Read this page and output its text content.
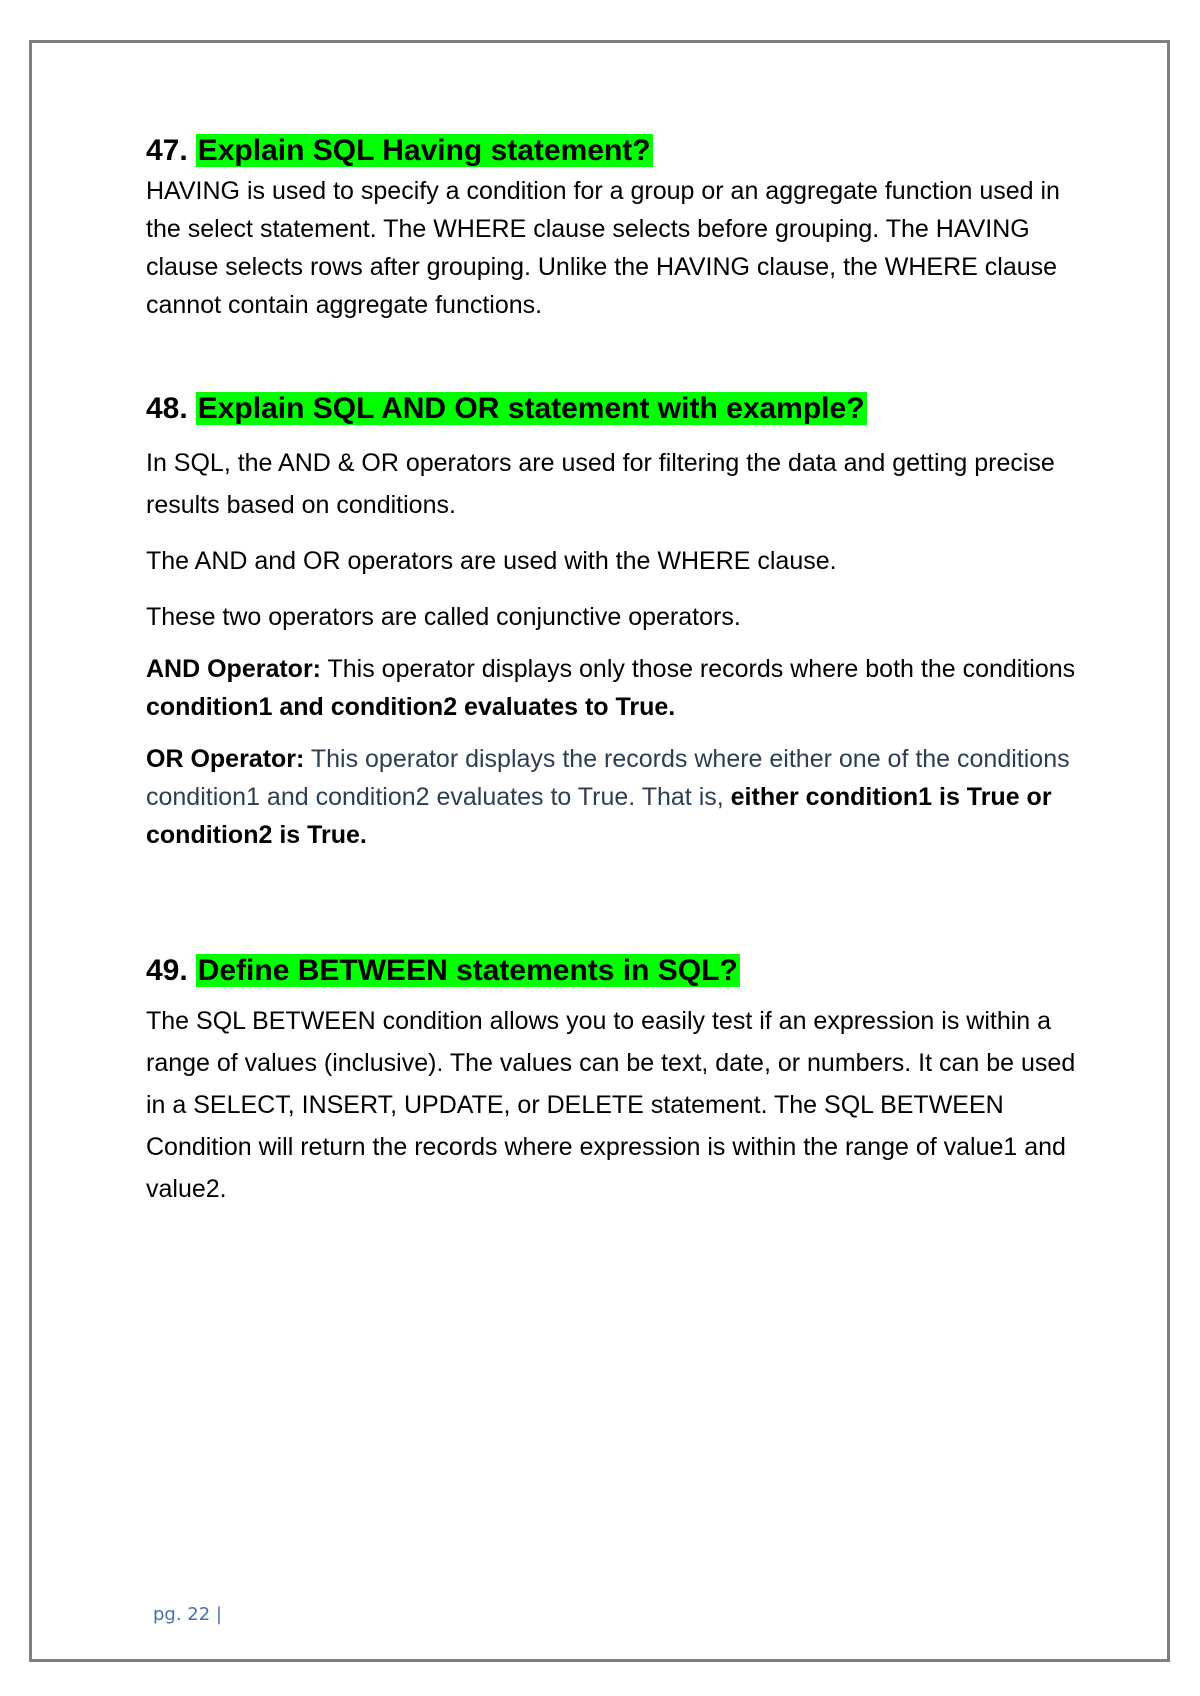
47. Explain SQL Having statement?

HAVING is used to specify a condition for a group or an aggregate function used in the select statement. The WHERE clause selects before grouping. The HAVING clause selects rows after grouping. Unlike the HAVING clause, the WHERE clause cannot contain aggregate functions.

48. Explain SQL AND OR statement with example?

In SQL, the AND & OR operators are used for filtering the data and getting precise results based on conditions.

The AND and OR operators are used with the WHERE clause.

These two operators are called conjunctive operators.

AND Operator: This operator displays only those records where both the conditions condition1 and condition2 evaluates to True.

OR Operator: This operator displays the records where either one of the conditions condition1 and condition2 evaluates to True. That is, either condition1 is True or condition2 is True.

49. Define BETWEEN statements in SQL?

The SQL BETWEEN condition allows you to easily test if an expression is within a range of values (inclusive). The values can be text, date, or numbers. It can be used in a SELECT, INSERT, UPDATE, or DELETE statement. The SQL BETWEEN Condition will return the records where expression is within the range of value1 and value2.

pg. 22 |
